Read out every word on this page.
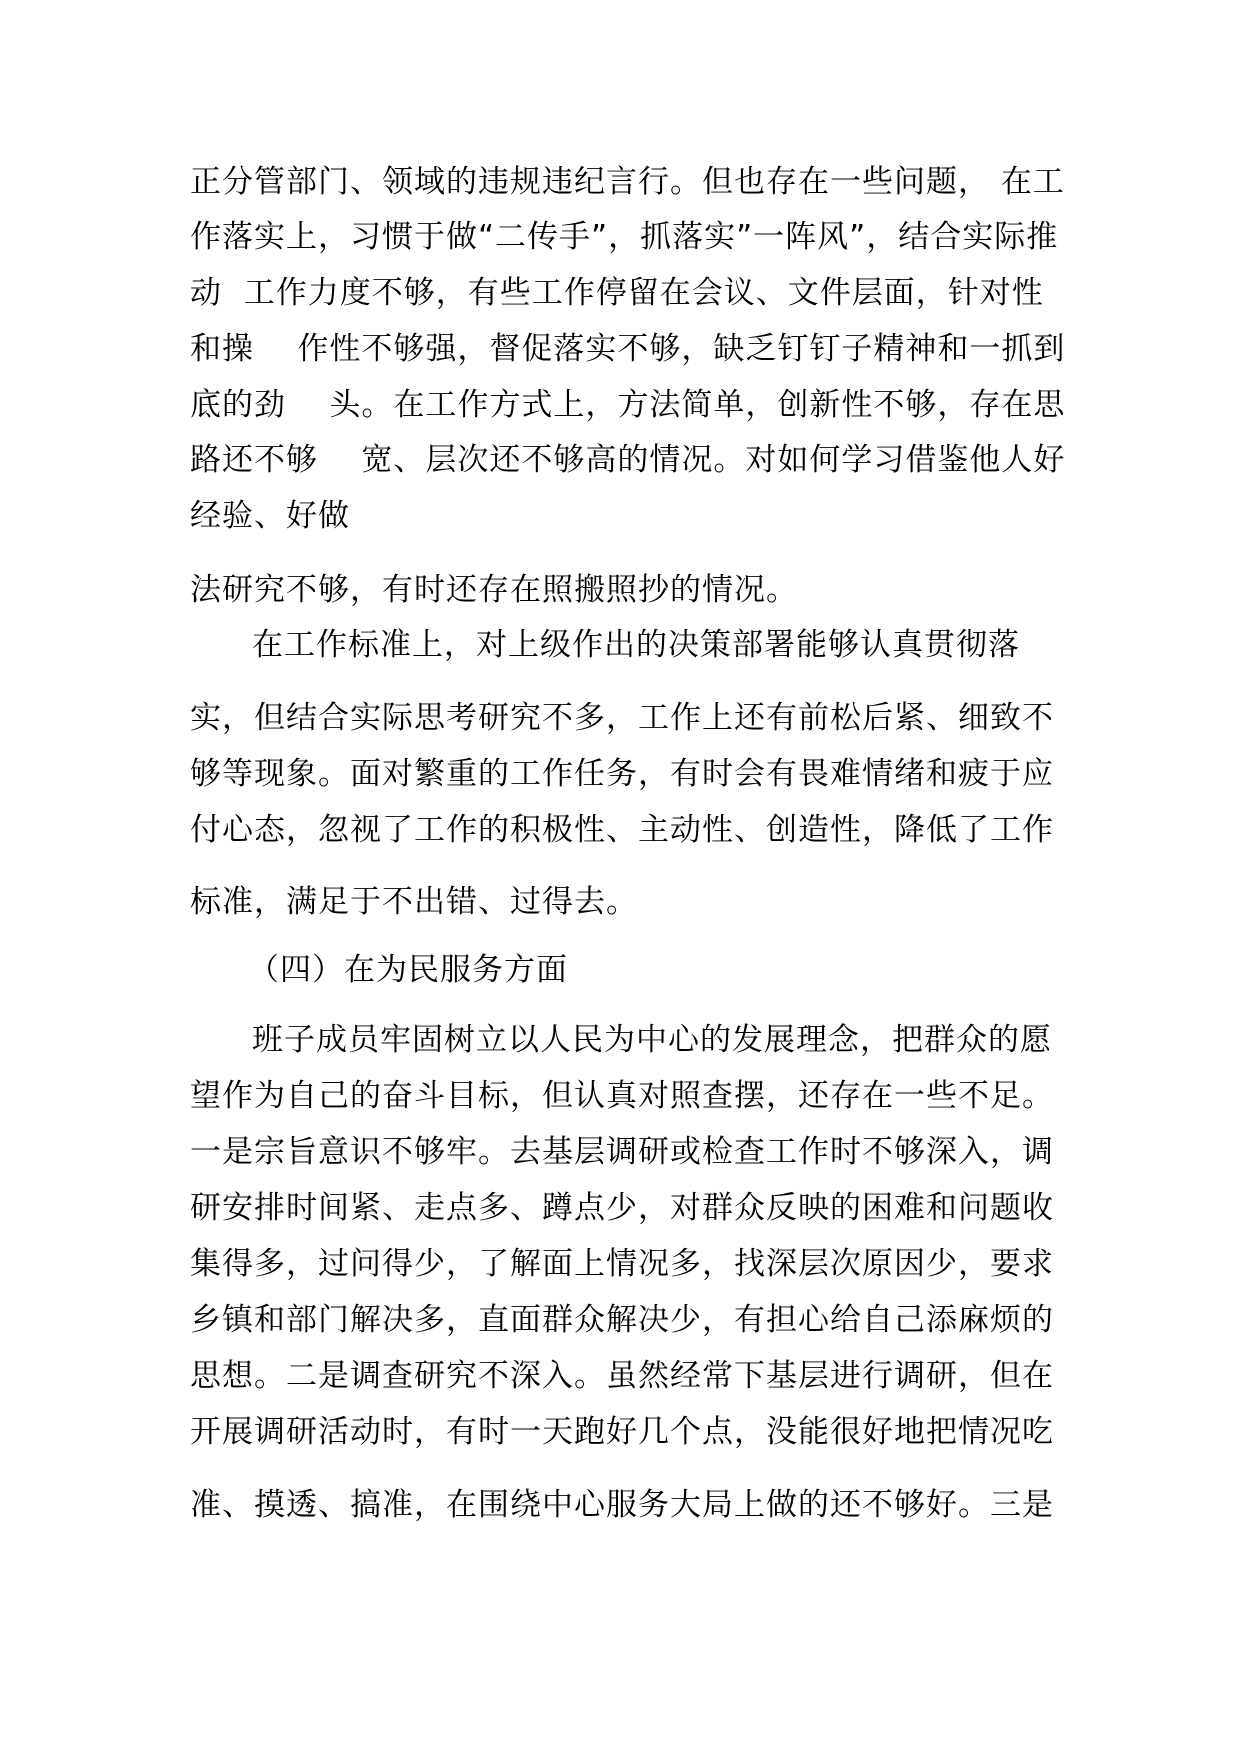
正分管部门、领域的违规违纪言行。但也存在一些问题， 在工
作落实上，习惯于做“二传手”，抓落实”一阵风”，结合实际推
动  工作力度不够，有些工作停留在会议、文件层面，针对性
和操    作性不够强，督促落实不够，缺乏钉钉子精神和一抓到
底的劲    头。在工作方式上，方法简单，创新性不够，存在思
路还不够    宽、层次还不够高的情况。对如何学习借鉴他人好
经验、好做
法研究不够，有时还存在照搬照抄的情况。
在工作标准上，对上级作出的决策部署能够认真贯彻落
实，但结合实际思考研究不多，工作上还有前松后紧、细致不
够等现象。面对繁重的工作任务，有时会有畏难情绪和疲于应
付心态，忽视了工作的积极性、主动性、创造性，降低了工作
标准，满足于不出错、过得去。
（四）在为民服务方面
班子成员牢固树立以人民为中心的发展理念，把群众的愿
望作为自己的奋斗目标，但认真对照查摆，还存在一些不足。
一是宗旨意识不够牢。去基层调研或检查工作时不够深入，调
研安排时间紧、走点多、蹲点少，对群众反映的困难和问题收
集得多，过问得少，了解面上情况多，找深层次原因少，要求
乡镇和部门解决多，直面群众解决少，有担心给自己添麻烦的
思想。二是调查研究不深入。虽然经常下基层进行调研，但在
开展调研活动时，有时一天跑好几个点，没能很好地把情况吃
准、摸透、搞准，在围绕中心服务大局上做的还不够好。三是
